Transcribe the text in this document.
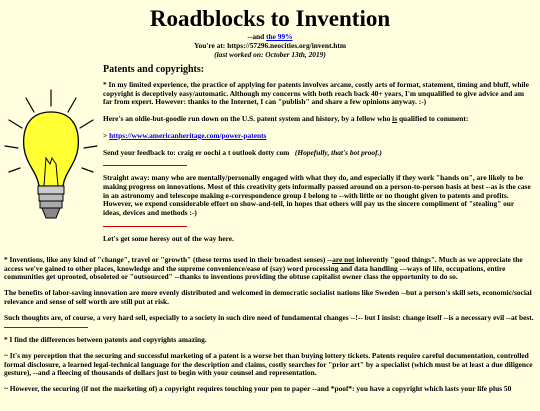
Roadblocks to Invention
--and the 99%
You're at: https://57296.neocities.org/invent.htm
(last worked on: October 13th, 2019)
Patents and copyrights:

* In my limited experience, the practice of applying for patents involves arcane, costly arts of format, statement, timing and bluff, while copyright is deceptively easy/automatic. Although my concerns with both reach back 40+ years, I'm unqualified to give advice and am far from expert. However: thanks to the Internet, I can "publish" and share a few opinions anyway. :-)

Here's an oldie-but-goodie run down on the U.S. patent system and history, by a fellow who is qualified to comment:

> https://www.americanheritage.com/power-patents

Send your feedback to: craig er oochi a t outlook dotty com (Hopefully, that's bot proof.)

Straight away: many who are mentally/personally engaged with what they do, and especially if they work "hands on", are likely to be making progress on innovations. Most of this creativity gets informally passed around on a person-to-person basis at best --as is the case in an astronomy and telescope making e-correspondence group I belong to --with little or no thought given to patents and profits. However, we expend considerable effort on show-and-tell, in hopes that others will pay us the sincere compliment of "stealing" our ideas, devices and methods :-)

Let's get some heresy out of the way here.

* Inventions, like any kind of "change", travel or "growth" (these terms used in their broadest senses) --are not inherently "good things". Much as we appreciate the access we've gained to other places, knowledge and the supreme convenience/ease of (say) word processing and data handling ---ways of life, occupations, entire communities get uprooted, obsoleted or "outsourced" --thanks to inventions providing the obtuse capitalist owner class the opportunity to do so.

The benefits of labor-saving innovation are more evenly distributed and welcomed in democratic socialist nations like Sweden --but a person's skill sets, economic/social relevance and sense of self worth are still put at risk.

Such thoughts are, of course, a very hard sell, especially to a society in such dire need of fundamental changes --!-- but I insist: change itself --is a necessary evil --at best.

* I find the differences between patents and copyrights amazing.

~ It's my perception that the securing and successful marketing of a patent is a worse bet than buying lottery tickets. Patents require careful documentation, controlled formal disclosure, a learned legal-technical language for the description and claims, costly searches for "prior art" by a specialist (which must be at least a due diligence gesture), --and a fleecing of thousands of dollars just to begin with your counsel and representation.

~ However, the securing (if not the marketing of) a copyright requires touching your pen to paper --and *poof*: you have a copyright which lasts your life plus 50
